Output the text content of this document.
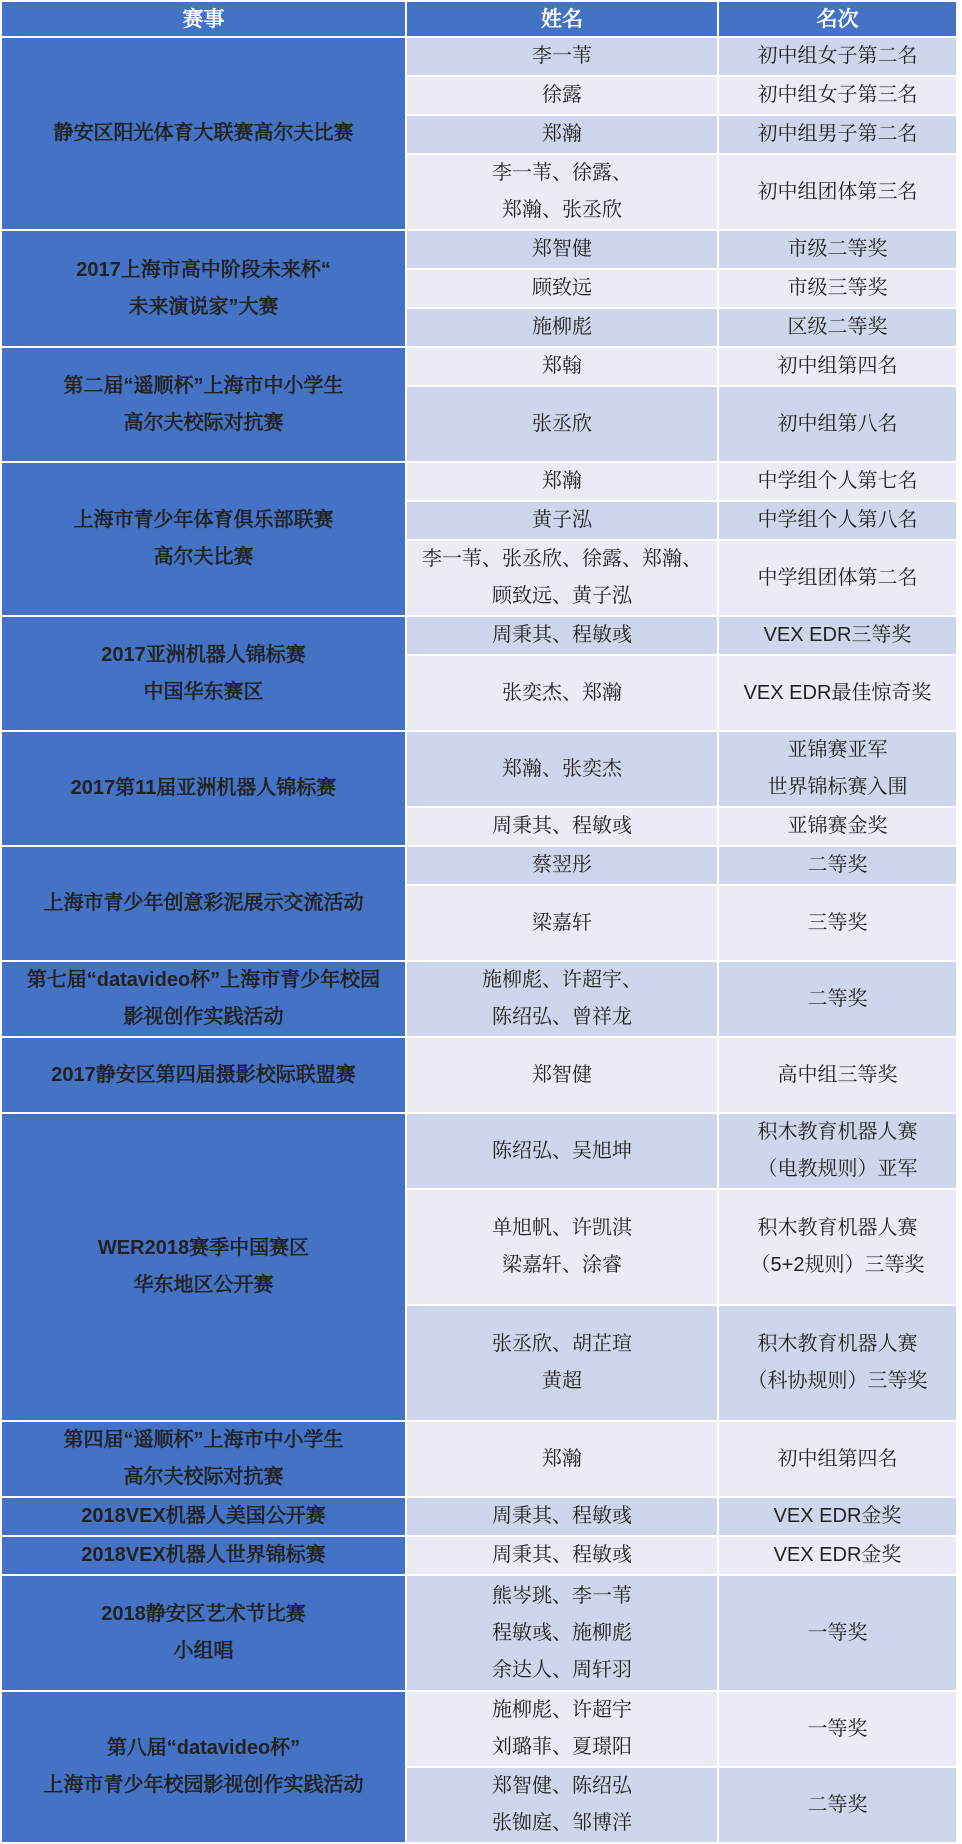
赛事	姓名	名次

静安区阳光体育大联赛高尔夫比赛	李一苇	初中组女子第二名

	徐露	初中组女子第三名

	郑瀚	初中组男子第二名

	李一苇、徐露、
郑瀚、张丞欣	初中组团体第三名

2017上海市高中阶段未来杯“
未来演说家”大赛	郑智健	市级二等奖

	顾致远	市级三等奖

	施柳彪	区级二等奖

第二届“遥顺杯”上海市中小学生
高尔夫校际对抗赛	郑翰	初中组第四名

	张丞欣	初中组第八名

上海市青少年体育俱乐部联赛
高尔夫比赛	郑瀚	中学组个人第七名

	黄子泓	中学组个人第八名

	李一苇、张丞欣、徐露、郑瀚、
顾致远、黄子泓	中学组团体第二名

2017亚洲机器人锦标赛
中国华东赛区	周秉其、程敏彧	VEX EDR三等奖

	张奕杰、郑瀚	VEX EDR最佳惊奇奖

2017第11届亚洲机器人锦标赛	郑瀚、张奕杰	亚锦赛亚军
世界锦标赛入围

	周秉其、程敏彧	亚锦赛金奖

上海市青少年创意彩泥展示交流活动	蔡翌彤	二等奖

	梁嘉轩	三等奖

第七届“datavideo杯”上海市青少年校园
影视创作实践活动	施柳彪、许超宇、
陈绍弘、曾祥龙	二等奖

2017静安区第四届摄影校际联盟赛	郑智健	高中组三等奖

WER2018赛季中国赛区
华东地区公开赛	陈绍弘、吴旭坤	积木教育机器人赛
（电教规则）亚军

	单旭帆、许凯淇
梁嘉轩、涂睿	积木教育机器人赛
（5+2规则）三等奖

	张丞欣、胡芷瑄
黄超	积木教育机器人赛
（科协规则）三等奖

第四届“遥顺杯”上海市中小学生
高尔夫校际对抗赛	郑瀚	初中组第四名

2018VEX机器人美国公开赛	周秉其、程敏彧	VEX EDR金奖

2018VEX机器人世界锦标赛	周秉其、程敏彧	VEX EDR金奖

2018静安区艺术节比赛
小组唱	熊岑珧、李一苇
程敏彧、施柳彪
余达人、周轩羽	一等奖

第八届“datavideo杯”
上海市青少年校园影视创作实践活动	施柳彪、许超宇
刘璐菲、夏璟阳	一等奖

	郑智健、陈绍弘
张铷庭、邹博洋	二等奖
